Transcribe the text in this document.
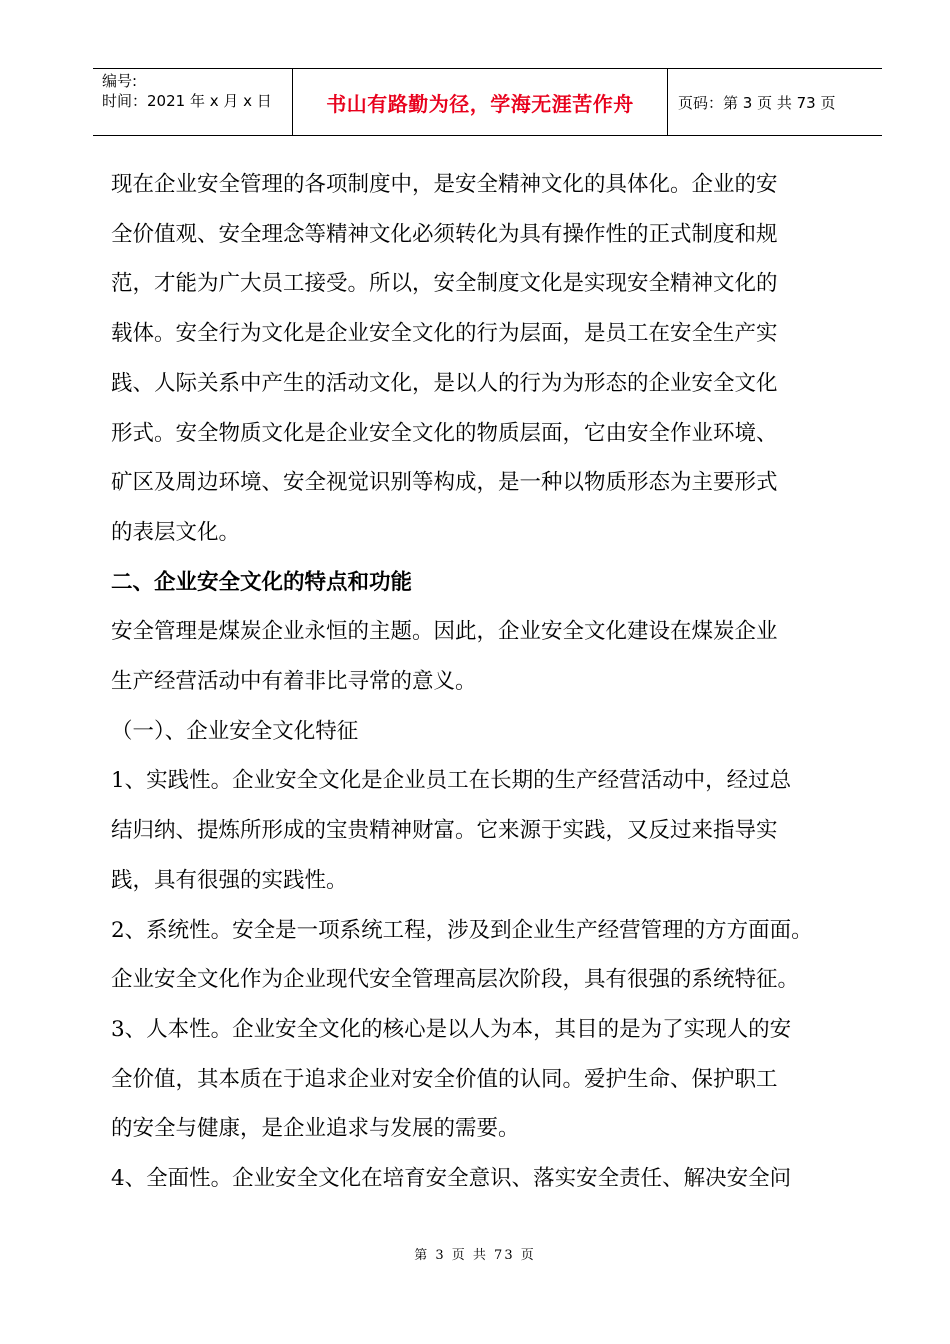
编号:
时间：2021 年 x 月 x 日	书山有路勤为径，学海无涯苦作舟	页码：第 3 页 共 73 页

现在企业安全管理的各项制度中，是安全精神文化的具体化。企业的安

全价值观、安全理念等精神文化必须转化为具有操作性的正式制度和规

范，才能为广大员工接受。所以，安全制度文化是实现安全精神文化的

载体。安全行为文化是企业安全文化的行为层面，是员工在安全生产实

践、人际关系中产生的活动文化，是以人的行为为形态的企业安全文化

形式。安全物质文化是企业安全文化的物质层面，它由安全作业环境、

矿区及周边环境、安全视觉识别等构成，是一种以物质形态为主要形式

的表层文化。

二、企业安全文化的特点和功能

安全管理是煤炭企业永恒的主题。因此，企业安全文化建设在煤炭企业

生产经营活动中有着非比寻常的意义。

（一）、企业安全文化特征

1、实践性。企业安全文化是企业员工在长期的生产经营活动中，经过总

结归纳、提炼所形成的宝贵精神财富。它来源于实践，又反过来指导实

践，具有很强的实践性。

2、系统性。安全是一项系统工程，涉及到企业生产经营管理的方方面面。

企业安全文化作为企业现代安全管理高层次阶段，具有很强的系统特征。

3、人本性。企业安全文化的核心是以人为本，其目的是为了实现人的安

全价值，其本质在于追求企业对安全价值的认同。爱护生命、保护职工

的安全与健康，是企业追求与发展的需要。

4、全面性。企业安全文化在培育安全意识、落实安全责任、解决安全问

第 3 页 共 73 页
